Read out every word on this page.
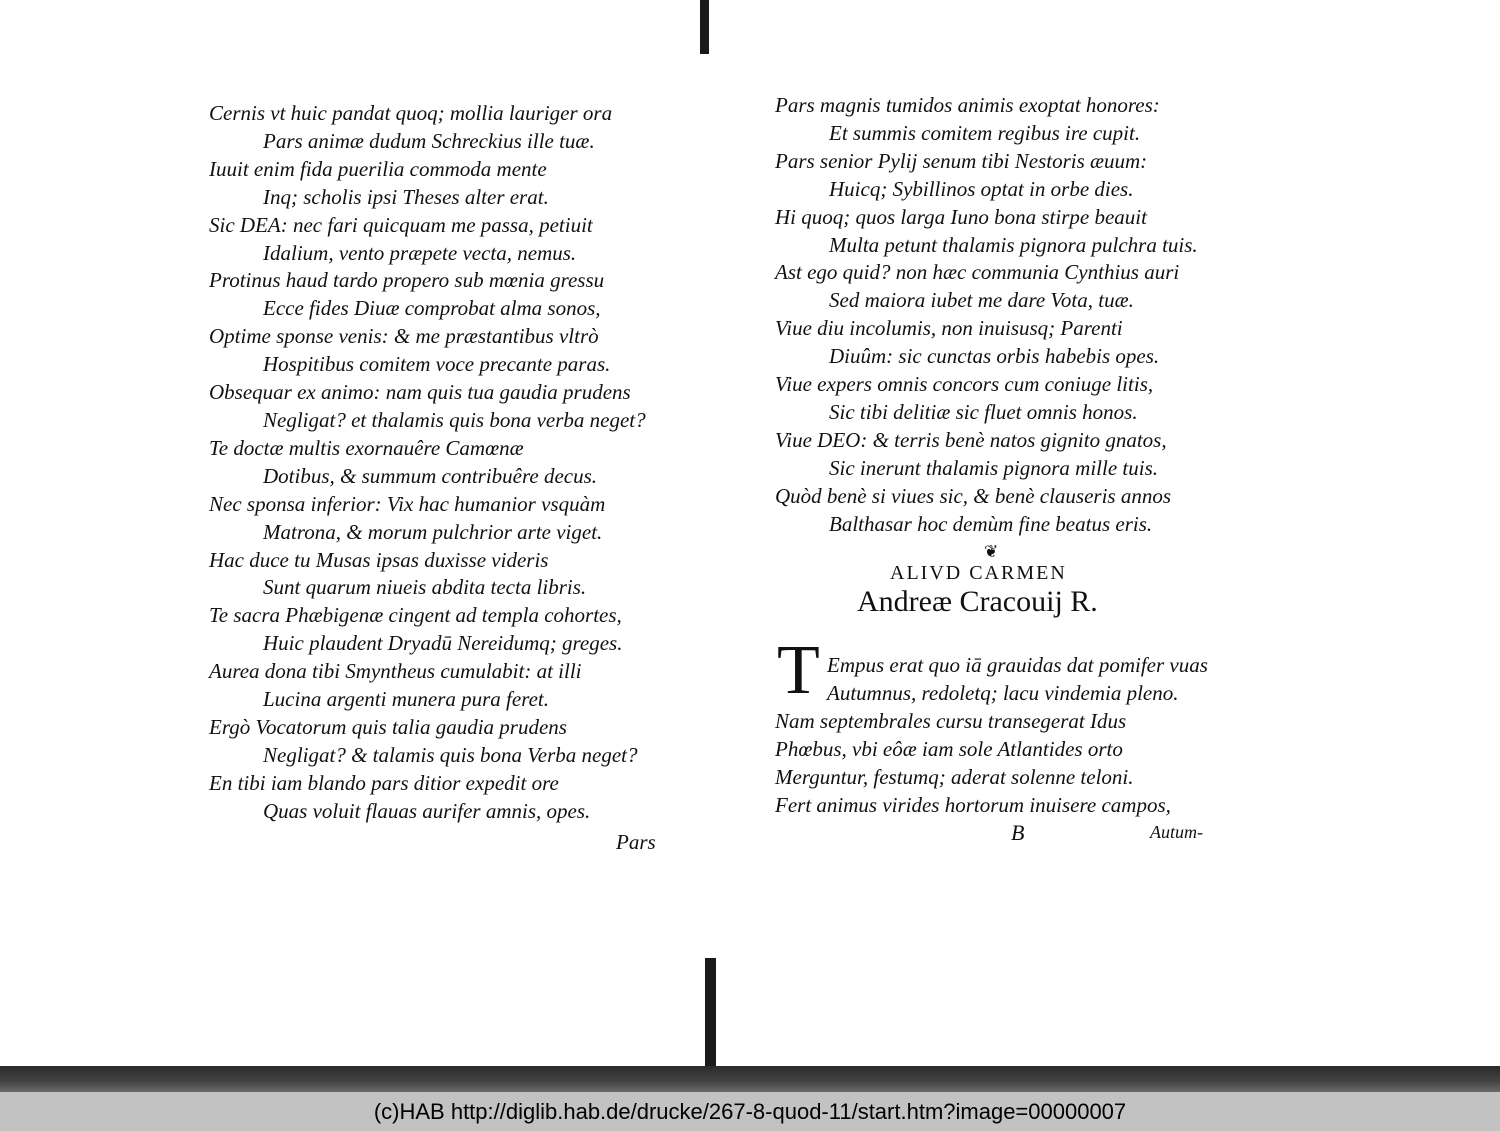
Cernis vt huic pandat quoq; mollia lauriger ora
Pars animæ dudum Schreckius ille tuæ.
Iuuit enim fida puerilia commoda mente
Inq; scholis ipsi Theses alter erat.
Sic DEA: nec fari quicquam me passa, petiuit
Idalium, vento præpete vecta, nemus.
Protinus haud tardo propero sub mœnia gressu
Ecce fides Diuæ comprobat alma sonos,
Optime sponse venis: & me præstantibus vltrò
Hospitibus comitem voce precante paras.
Obsequar ex animo: nam quis tua gaudia prudens
Negligat? et thalamis quis bona verba neget?
Te doctæ multis exornauêre Camœnæ
Dotibus, & summum contribuêre decus.
Nec sponsa inferior: Vix hac humanior vsquàm
Matrona, & morum pulchrior arte viget.
Hac duce tu Musas ipsas duxisse videris
Sunt quarum niueis abdita tecta libris.
Te sacra Phæbigenæ cingent ad templa cohortes,
Huic plaudent Dryadū Nereidumq; greges.
Aurea dona tibi Smyntheus cumulabit: at illi
Lucina argenti munera pura feret.
Ergò Vocatorum quis talia gaudia prudens
Negligat? & talamis quis bona Verba neget?
En tibi iam blando pars ditior expedit ore
Quas voluit flauas aurifer amnis, opes.
Pars
Pars magnis tumidos animis exoptat honores:
Et summis comitem regibus ire cupit.
Pars senior Pylij senum tibi Nestoris æuum:
Huicq; Sybillinos optat in orbe dies.
Hi quoq; quos larga Iuno bona stirpe beauit
Multa petunt thalamis pignora pulchra tuis.
Ast ego quid? non hæc communia Cynthius auri
Sed maiora iubet me dare Vota, tuæ.
Viue diu incolumis, non inuisusq; Parenti
Diuûm: sic cunctas orbis habebis opes.
Viue expers omnis concors cum coniuge litis,
Sic tibi delitiæ sic fluet omnis honos.
Viue DEO: & terris benè natos gignito gnatos,
Sic inerunt thalamis pignora mille tuis.
Quòd benè si viues sic, & benè clauseris annos
Balthasar hoc demùm fine beatus eris.
❦
ALIVD CARMEN
Andreæ Cracouij R.
T Empus erat quo iā grauidas dat pomifer vuas
Autumnus, redoletq; lacu vindemia pleno.
Nam septembrales cursu transegerat Idus
Phœbus, vbi eôæ iam sole Atlantides orto
Merguntur, festumq; aderat solenne teloni.
Fert animus virides hortorum inuisere campos,
B	Autum-
(c)HAB http://diglib.hab.de/drucke/267-8-quod-11/start.htm?image=00000007
